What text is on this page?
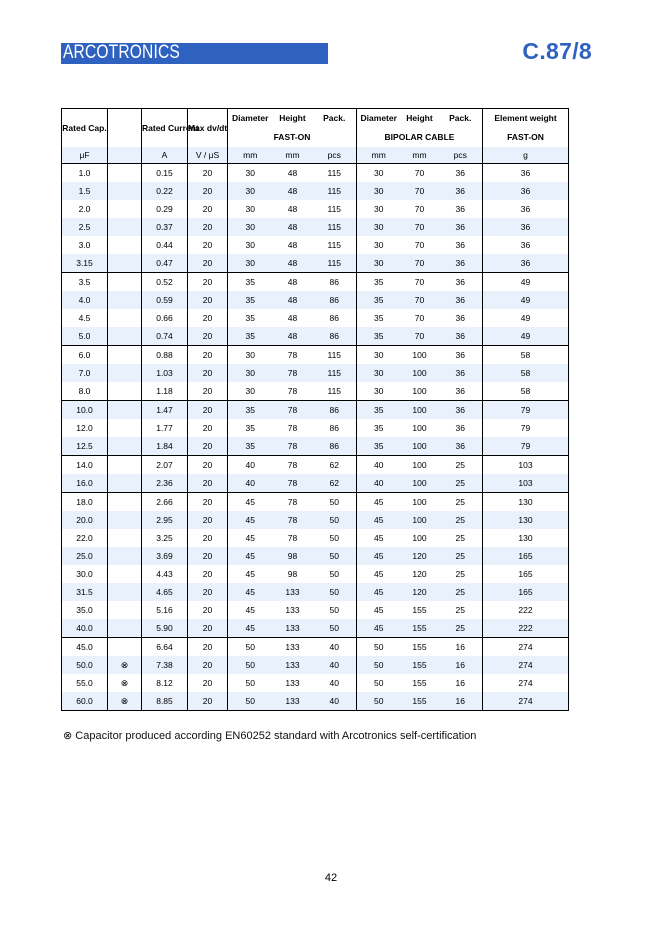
ARCOTRONICS	C.87/8
Rated Cap.		Rated Current	Max dv/dt	Diameter	Height	Pack.	Diameter	Height	Pack.	Element weight
				FAST-ON			BIPOLAR CABLE			FAST-ON
μF		A	V / μS	mm	mm	pcs	mm	mm	pcs	g
1.0		0.15	20	30	48	115	30	70	36	36
1.5		0.22	20	30	48	115	30	70	36	36
2.0		0.29	20	30	48	115	30	70	36	36
2.5		0.37	20	30	48	115	30	70	36	36
3.0		0.44	20	30	48	115	30	70	36	36
3.15		0.47	20	30	48	115	30	70	36	36
3.5		0.52	20	35	48	86	35	70	36	49
4.0		0.59	20	35	48	86	35	70	36	49
4.5		0.66	20	35	48	86	35	70	36	49
5.0		0.74	20	35	48	86	35	70	36	49
6.0		0.88	20	30	78	115	30	100	36	58
7.0		1.03	20	30	78	115	30	100	36	58
8.0		1.18	20	30	78	115	30	100	36	58
10.0		1.47	20	35	78	86	35	100	36	79
12.0		1.77	20	35	78	86	35	100	36	79
12.5		1.84	20	35	78	86	35	100	36	79
14.0		2.07	20	40	78	62	40	100	25	103
16.0		2.36	20	40	78	62	40	100	25	103
18.0		2.66	20	45	78	50	45	100	25	130
20.0		2.95	20	45	78	50	45	100	25	130
22.0		3.25	20	45	78	50	45	100	25	130
25.0		3.69	20	45	98	50	45	120	25	165
30.0		4.43	20	45	98	50	45	120	25	165
31.5		4.65	20	45	133	50	45	120	25	165
35.0		5.16	20	45	133	50	45	155	25	222
40.0		5.90	20	45	133	50	45	155	25	222
45.0		6.64	20	50	133	40	50	155	16	274
50.0	⊗	7.38	20	50	133	40	50	155	16	274
55.0	⊗	8.12	20	50	133	40	50	155	16	274
60.0	⊗	8.85	20	50	133	40	50	155	16	274
⊗ Capacitor produced according EN60252 standard with Arcotronics self-certification
42
